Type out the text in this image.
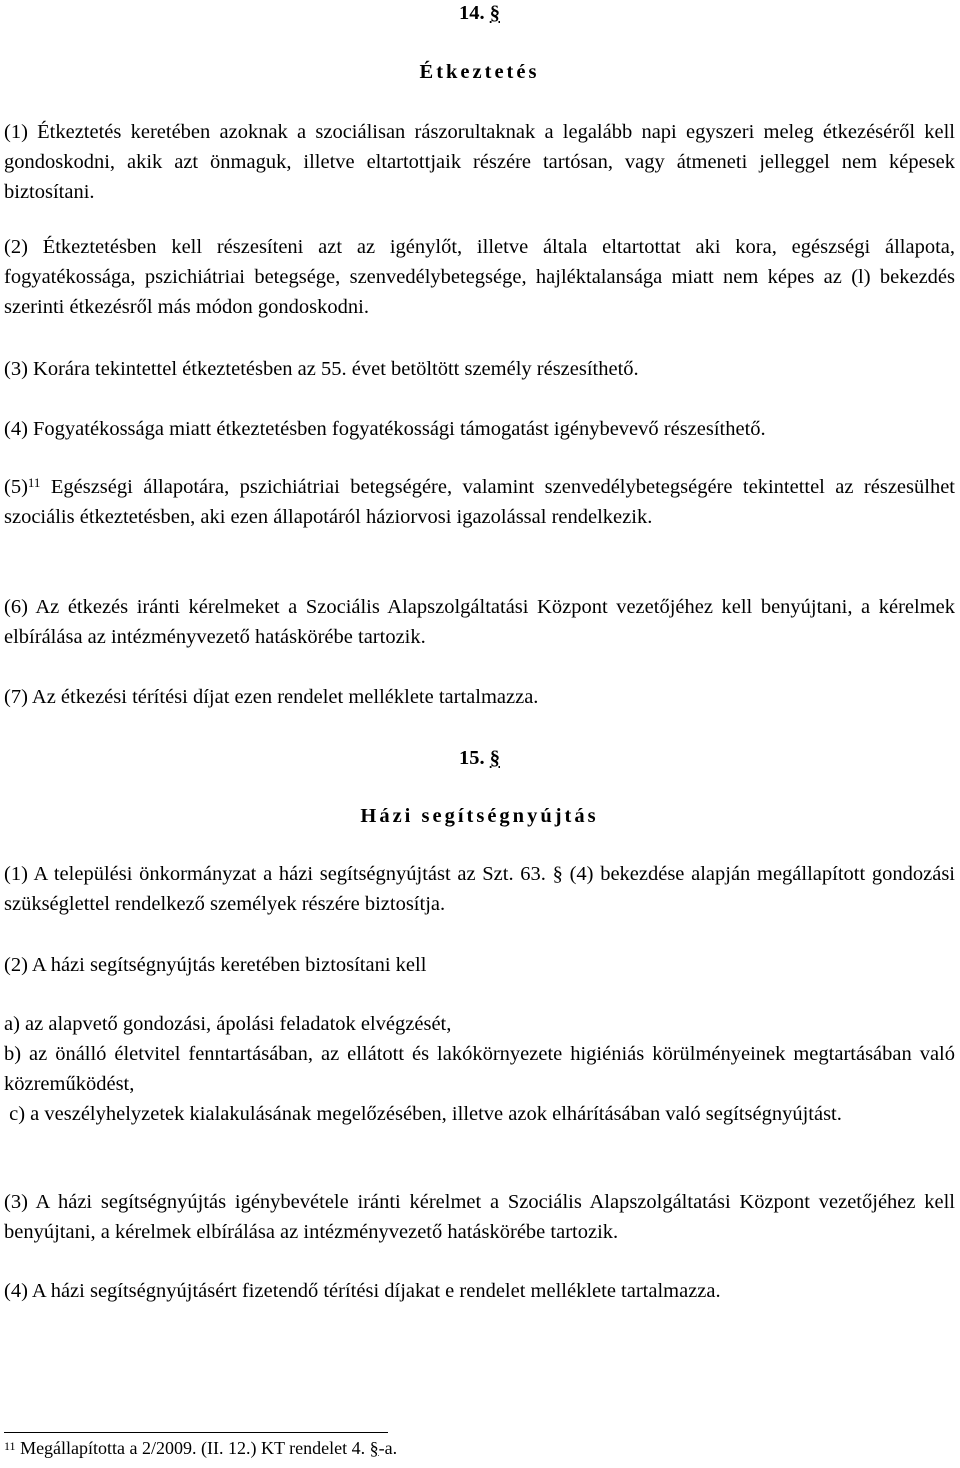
14. §
Étkeztetés

(1) Étkeztetés keretében azoknak a szociálisan rászorultaknak a legalább napi egyszeri meleg étkezéséről kell gondoskodni, akik azt önmaguk, illetve eltartottjaik részére tartósan, vagy átmeneti jelleggel nem képesek biztosítani.

(2) Étkeztetésben kell részesíteni azt az igénylőt, illetve általa eltartottat aki kora, egészségi állapota, fogyatékossága, pszichiátriai betegsége, szenvedélybetegsége, hajléktalansága miatt nem képes az (l) bekezdés szerinti étkezésről más módon gondoskodni.

(3) Korára tekintettel étkeztetésben az 55. évet betöltött személy részesíthető.

(4) Fogyatékossága miatt étkeztetésben fogyatékossági támogatást igénybevevő részesíthető.

$(5)^{11}$ Egészségi állapotára, pszichiátriai betegségére, valamint szenvedélybetegségére tekintettel az részesülhet szociális étkeztetésben, aki ezen állapotáról háziorvosi igazolással rendelkezik.

(6) Az étkezés iránti kérelmeket a Szociális Alapszolgáltatási Központ vezetőjéhez kell benyújtani, a kérelmek elbírálása az intézményvezető hatáskörébe tartozik.

(7) Az étkezési térítési díjat ezen rendelet melléklete tartalmazza.

15. §
Házi segítségnyújtás

(1) A települési önkormányzat a házi segítségnyújtást az Szt. 63. § (4) bekezdése alapján megállapított gondozási szükséglettel rendelkező személyek részére biztosítja.

(2) A házi segítségnyújtás keretében biztosítani kell

a) az alapvető gondozási, ápolási feladatok elvégzését,

b) az önálló életvitel fenntartásában, az ellátott és lakókörnyezete higiéniás körülményeinek megtartásában való közreműködést,

c) a veszélyhelyzetek kialakulásának megelőzésében, illetve azok elhárításában való segítségnyújtást.

(3) A házi segítségnyújtás igénybevétele iránti kérelmet a Szociális Alapszolgáltatási Központ vezetőjéhez kell benyújtani, a kérelmek elbírálása az intézményvezető hatáskörébe tartozik.

(4) A házi segítségnyújtásért fizetendő térítési díjakat e rendelet melléklete tartalmazza.

$^{11}$ Megállapította a 2/2009. (II. 12.) KT rendelet 4. §-a.
